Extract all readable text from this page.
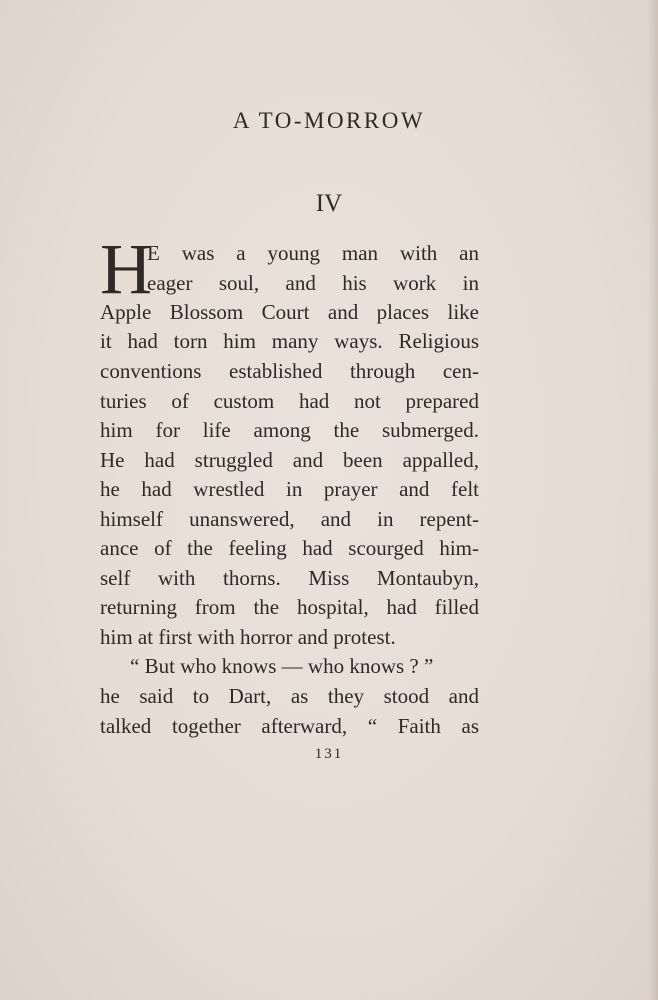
A TO-MORROW
IV
H
E was a young man with an
eager soul, and his work in
Apple Blossom Court and places like
it had torn him many ways. Religious
conventions established through cen-
turies of custom had not prepared
him for life among the submerged.
He had struggled and been appalled,
he had wrestled in prayer and felt
himself unanswered, and in repent-
ance of the feeling had scourged him-
self with thorns. Miss Montaubyn,
returning from the hospital, had filled
him at first with horror and protest.
“ But who knows — who knows ? ”
he said to Dart, as they stood and
talked together afterward, “ Faith as
131
